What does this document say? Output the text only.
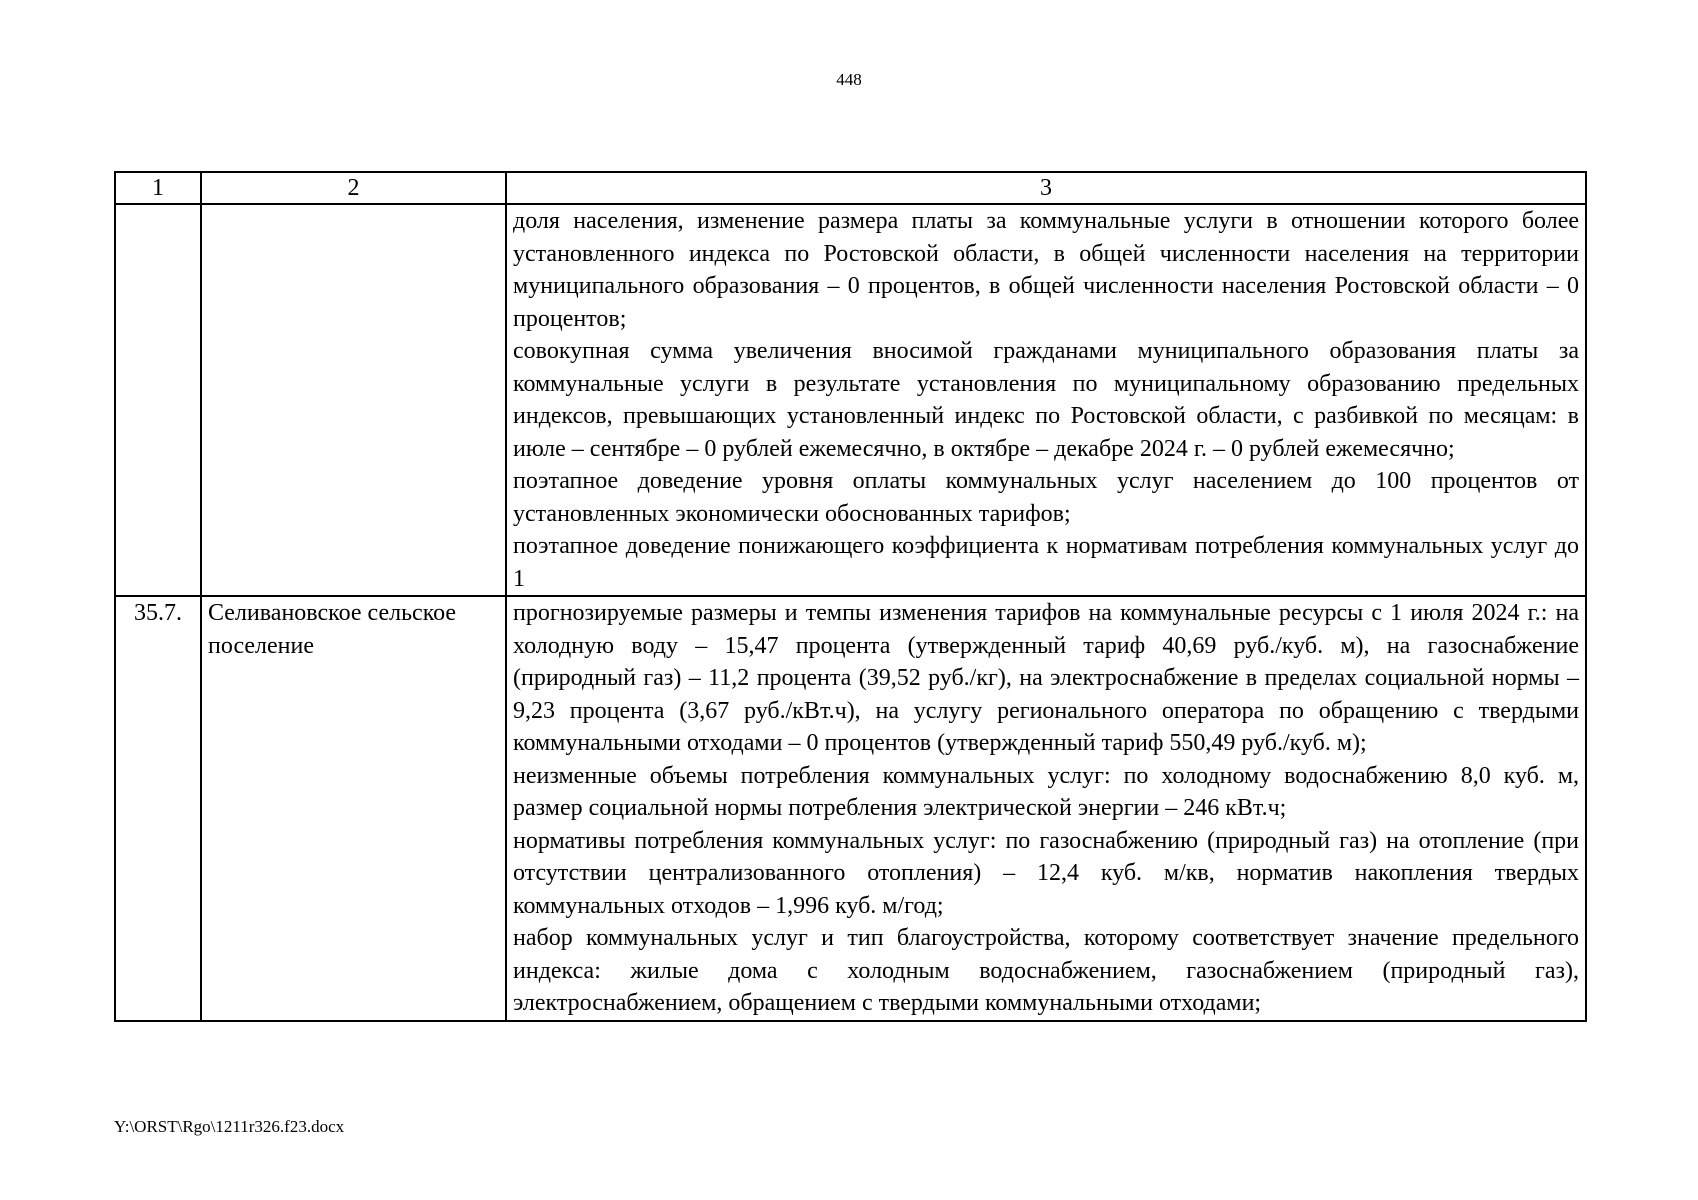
448
1	2	3

		доля населения, изменение размера платы за коммунальные услуги в отношении которого более установленного индекса по Ростовской области, в общей численности населения на территории муниципального образования – 0 процентов, в общей численности населения Ростовской области – 0 процентов;

совокупная сумма увеличения вносимой гражданами муниципального образования платы за коммунальные услуги в результате установления по муниципальному образованию предельных индексов, превышающих установленный индекс по Ростовской области, с разбивкой по месяцам: в июле – сентябре – 0 рублей ежемесячно, в октябре – декабре 2024 г. – 0 рублей ежемесячно;

поэтапное доведение уровня оплаты коммунальных услуг населением до 100 процентов от установленных экономически обоснованных тарифов;

поэтапное доведение понижающего коэффициента к нормативам потребления коммунальных услуг до 1

35.7.	Селивановское сельское поселение	прогнозируемые размеры и темпы изменения тарифов на коммунальные ресурсы с 1 июля 2024 г.: на холодную воду – 15,47 процента (утвержденный тариф 40,69 руб./куб. м), на газоснабжение (природный газ) – 11,2 процента (39,52 руб./кг), на электроснабжение в пределах социальной нормы – 9,23 процента (3,67 руб./кВт.ч), на услугу регионального оператора по обращению с твердыми коммунальными отходами – 0 процентов (утвержденный тариф 550,49 руб./куб. м);

неизменные объемы потребления коммунальных услуг: по холодному водоснабжению 8,0 куб. м, размер социальной нормы потребления электрической энергии – 246 кВт.ч;

нормативы потребления коммунальных услуг: по газоснабжению (природный газ) на отопление (при отсутствии централизованного отопления) – 12,4 куб. м/кв, норматив накопления твердых коммунальных отходов – 1,996 куб. м/год;

набор коммунальных услуг и тип благоустройства, которому соответствует значение предельного индекса: жилые дома с холодным водоснабжением, газоснабжением (природный газ), электроснабжением, обращением с твердыми коммунальными отходами;

Y:\ORST\Rgo\1211r326.f23.docx
